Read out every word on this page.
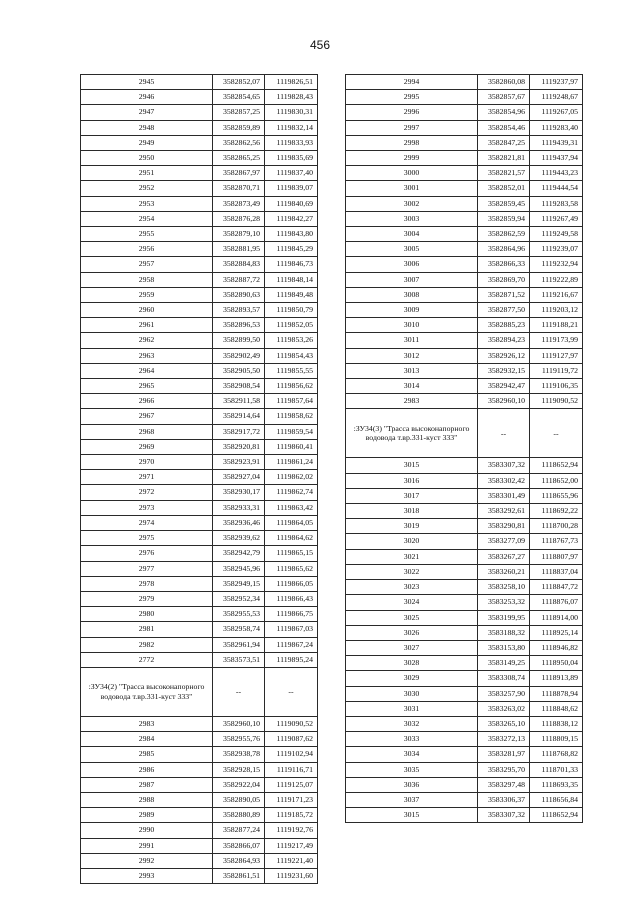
456
2945	3582852,07	1119826,51
2946	3582854,65	1119828,43
2947	3582857,25	1119830,31
2948	3582859,89	1119832,14
2949	3582862,56	1119833,93
2950	3582865,25	1119835,69
2951	3582867,97	1119837,40
2952	3582870,71	1119839,07
2953	3582873,49	1119840,69
2954	3582876,28	1119842,27
2955	3582879,10	1119843,80
2956	3582881,95	1119845,29
2957	3582884,83	1119846,73
2958	3582887,72	1119848,14
2959	3582890,63	1119849,48
2960	3582893,57	1119850,79
2961	3582896,53	1119852,05
2962	3582899,50	1119853,26
2963	3582902,49	1119854,43
2964	3582905,50	1119855,55
2965	3582908,54	1119856,62
2966	3582911,58	1119857,64
2967	3582914,64	1119858,62
2968	3582917,72	1119859,54
2969	3582920,81	1119860,41
2970	3582923,91	1119861,24
2971	3582927,04	1119862,02
2972	3582930,17	1119862,74
2973	3582933,31	1119863,42
2974	3582936,46	1119864,05
2975	3582939,62	1119864,62
2976	3582942,79	1119865,15
2977	3582945,96	1119865,62
2978	3582949,15	1119866,05
2979	3582952,34	1119866,43
2980	3582955,53	1119866,75
2981	3582958,74	1119867,03
2982	3582961,94	1119867,24
2772	3583573,51	1119895,24
:ЗУ34(2) "Трасса высоконапорного водовода т.вр.331-куст 333"	--	--
2983	3582960,10	1119090,52
2984	3582955,76	1119087,62
2985	3582938,78	1119102,94
2986	3582928,15	1119116,71
2987	3582922,04	1119125,07
2988	3582890,05	1119171,23
2989	3582880,89	1119185,72
2990	3582877,24	1119192,76
2991	3582866,07	1119217,49
2992	3582864,93	1119221,40
2993	3582861,51	1119231,60
2994	3582860,08	1119237,97
2995	3582857,67	1119248,67
2996	3582854,96	1119267,05
2997	3582854,46	1119283,40
2998	3582847,25	1119439,31
2999	3582821,81	1119437,94
3000	3582821,57	1119443,23
3001	3582852,01	1119444,54
3002	3582859,45	1119283,58
3003	3582859,94	1119267,49
3004	3582862,59	1119249,58
3005	3582864,96	1119239,07
3006	3582866,33	1119232,94
3007	3582869,70	1119222,89
3008	3582871,52	1119216,67
3009	3582877,50	1119203,12
3010	3582885,23	1119188,21
3011	3582894,23	1119173,99
3012	3582926,12	1119127,97
3013	3582932,15	1119119,72
3014	3582942,47	1119106,35
2983	3582960,10	1119090,52
:ЗУ34(3) "Трасса высоконапорного водовода т.вр.331-куст 333"	--	--
3015	3583307,32	1118652,94
3016	3583302,42	1118652,00
3017	3583301,49	1118655,96
3018	3583292,61	1118692,22
3019	3583290,81	1118700,28
3020	3583277,09	1118767,73
3021	3583267,27	1118807,97
3022	3583260,21	1118837,04
3023	3583258,10	1118847,72
3024	3583253,32	1118876,07
3025	3583199,95	1118914,00
3026	3583188,32	1118925,14
3027	3583153,80	1118946,82
3028	3583149,25	1118950,04
3029	3583308,74	1118913,89
3030	3583257,90	1118878,94
3031	3583263,02	1118848,62
3032	3583265,10	1118838,12
3033	3583272,13	1118809,15
3034	3583281,97	1118768,82
3035	3583295,70	1118701,33
3036	3583297,48	1118693,35
3037	3583306,37	1118656,84
3015	3583307,32	1118652,94
